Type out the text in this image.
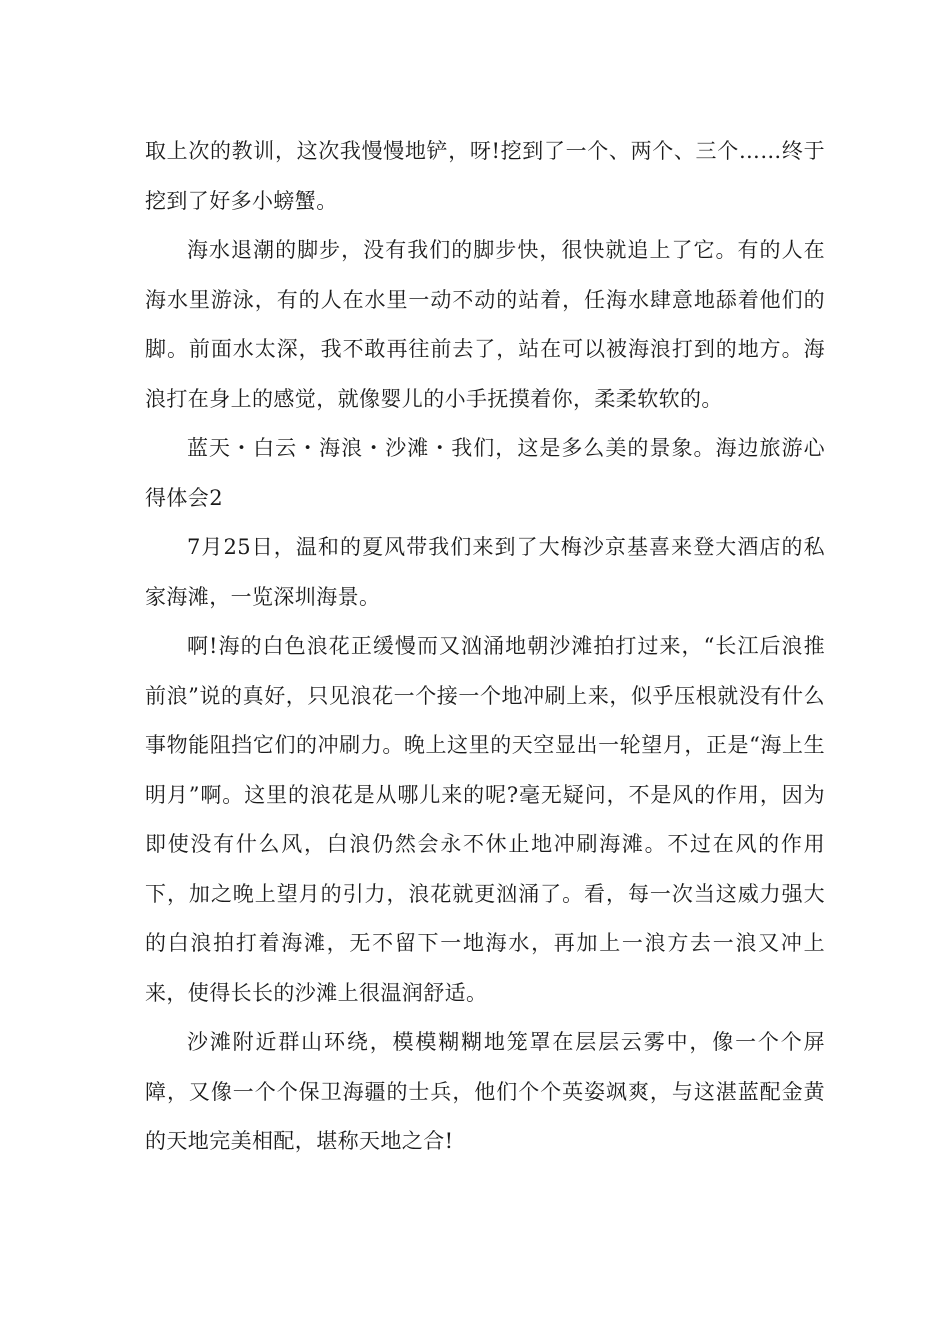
取上次的教训，这次我慢慢地铲，呀!挖到了一个、两个、三个……终于挖到了好多小螃蟹。

海水退潮的脚步，没有我们的脚步快，很快就追上了它。有的人在海水里游泳，有的人在水里一动不动的站着，任海水肆意地舔着他们的脚。前面水太深，我不敢再往前去了，站在可以被海浪打到的地方。海浪打在身上的感觉，就像婴儿的小手抚摸着你，柔柔软软的。

蓝天・白云・海浪・沙滩・我们，这是多么美的景象。海边旅游心得体会2

7月25日，温和的夏风带我们来到了大梅沙京基喜来登大酒店的私家海滩，一览深圳海景。

啊!海的白色浪花正缓慢而又汹涌地朝沙滩拍打过来，“长江后浪推前浪”说的真好，只见浪花一个接一个地冲刷上来，似乎压根就没有什么事物能阻挡它们的冲刷力。晚上这里的天空显出一轮望月，正是“海上生明月”啊。这里的浪花是从哪儿来的呢?毫无疑问，不是风的作用，因为即使没有什么风，白浪仍然会永不休止地冲刷海滩。不过在风的作用下，加之晚上望月的引力，浪花就更汹涌了。看，每一次当这威力强大的白浪拍打着海滩，无不留下一地海水，再加上一浪方去一浪又冲上来，使得长长的沙滩上很温润舒适。

沙滩附近群山环绕，模模糊糊地笼罩在层层云雾中，像一个个屏障，又像一个个保卫海疆的士兵，他们个个英姿飒爽，与这湛蓝配金黄的天地完美相配，堪称天地之合!
